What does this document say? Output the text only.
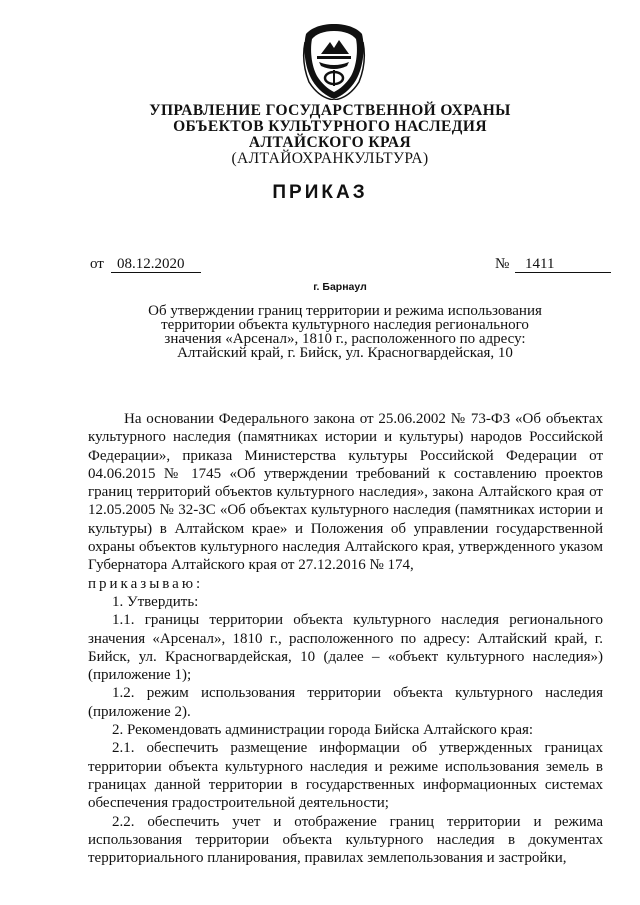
УПРАВЛЕНИЕ ГОСУДАРСТВЕННОЙ ОХРАНЫ
ОБЪЕКТОВ КУЛЬТУРНОГО НАСЛЕДИЯ
АЛТАЙСКОГО КРАЯ
(АЛТАЙОХРАНКУЛЬТУРА)
ПРИКАЗ
от 08.12.2020	№	1411
г. Барнаул
Об утверждении границ территории и режима использования
территории объекта культурного наследия регионального
значения «Арсенал», 1810 г., расположенного по адресу:
Алтайский край, г. Бийск, ул. Красногвардейская, 10

На основании Федерального закона от 25.06.2002 № 73-ФЗ «Об объектах культурного наследия (памятниках истории и культуры) народов Российской Федерации», приказа Министерства культуры Российской Федерации от 04.06.2015 № 1745 «Об утверждении требований к составлению проектов границ территорий объектов культурного наследия», закона Алтайского края от 12.05.2005 № 32-ЗС «Об объектах культурного наследия (памятниках истории и культуры) в Алтайском крае» и Положения об управлении государственной охраны объектов культурного наследия Алтайского края, утвержденного указом Губернатора Алтайского края от 27.12.2016 № 174,

приказываю:

1. Утвердить:

1.1. границы территории объекта культурного наследия регионального значения «Арсенал», 1810 г., расположенного по адресу: Алтайский край, г. Бийск, ул. Красногвардейская, 10 (далее – «объект культурного наследия») (приложение 1);

1.2. режим использования территории объекта культурного наследия (приложение 2).

2. Рекомендовать администрации города Бийска Алтайского края:

2.1. обеспечить размещение информации об утвержденных границах территории объекта культурного наследия и режиме использования земель в границах данной территории в государственных информационных системах обеспечения градостроительной деятельности;

2.2. обеспечить учет и отображение границ территории и режима использования территории объекта культурного наследия в документах территориального планирования, правилах землепользования и застройки,
